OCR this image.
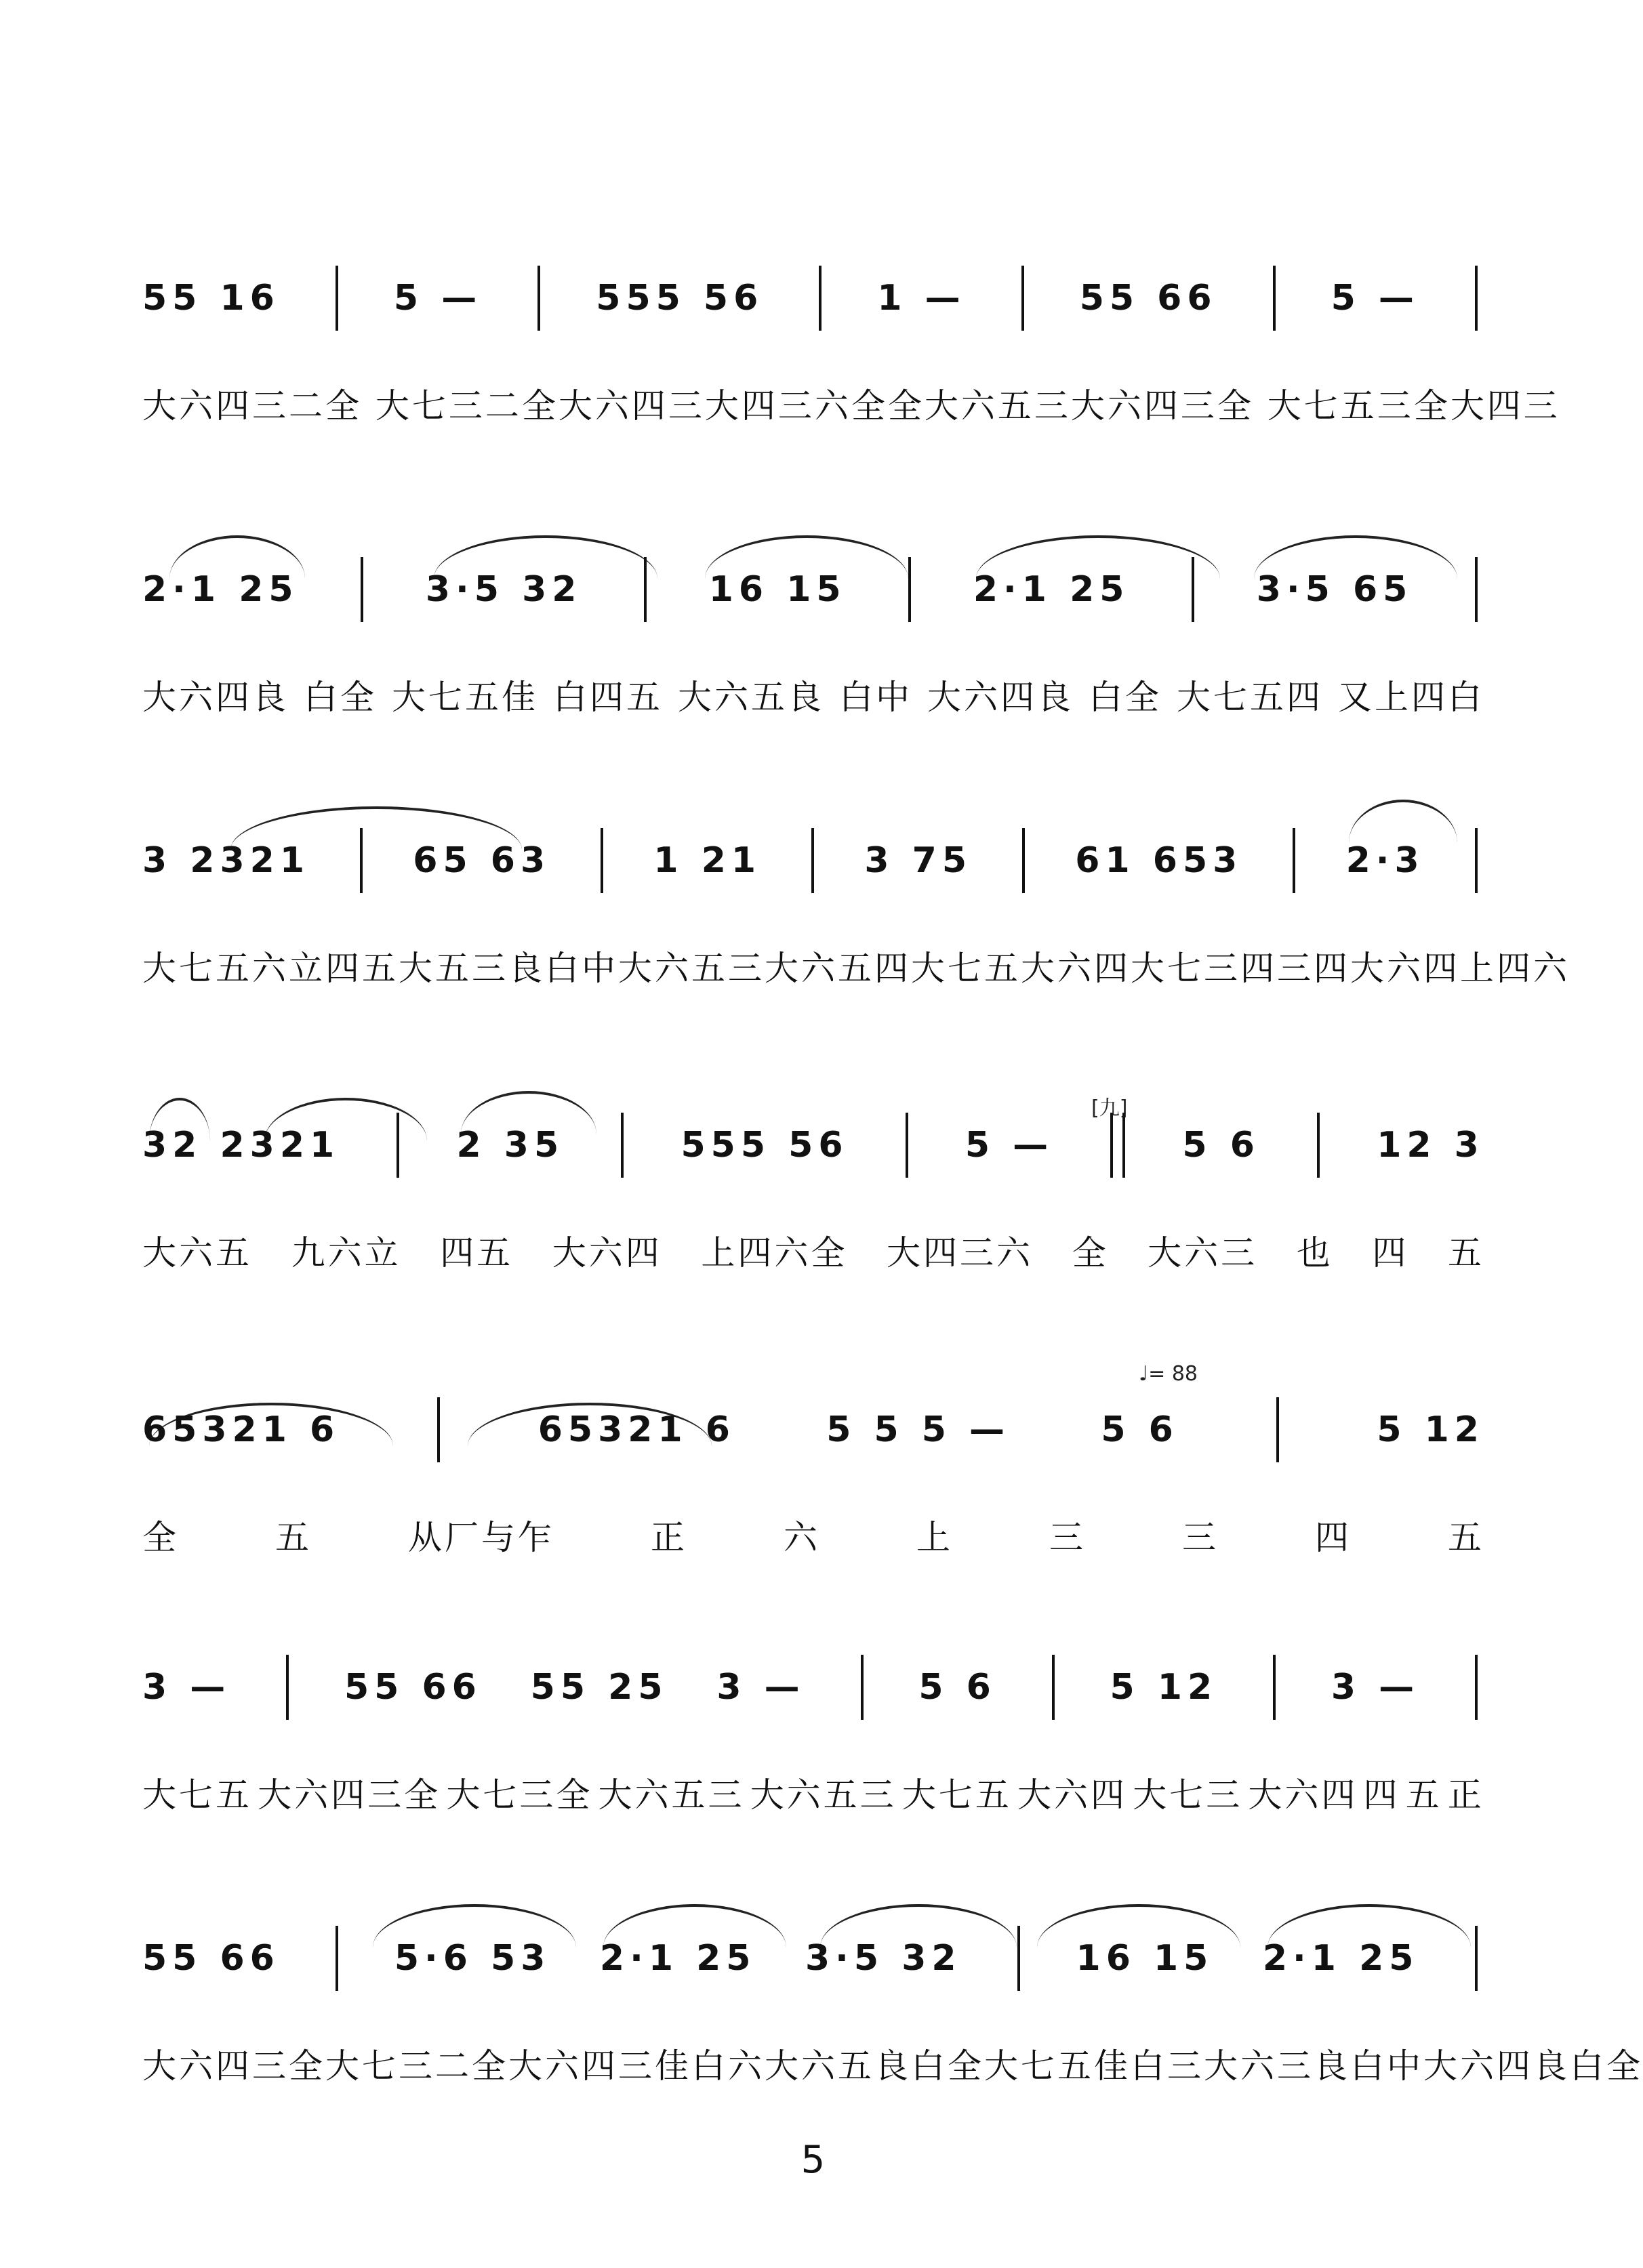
55 16	5 —	555 56	1 —	55 66	5 —
大六四三二全 大七三二全 大六四三 大四三六全 全 大六五三 大六四三全 大七五三全 大四三
2·1 25	3·5 32	16 15	2·1 25	3·5 65
大六四良 白全 大七五佳 白四五 大六五良 白中 大六四良 白全 大七五四 又上四白
3 2321	65 63	1 21	3 75	61 653	2·3
大七五 六立 四五 大五三良 白中 大六五三 大六五四 大七五 大六四 大七三 四三四 大六四 上四六
[九]
32 2321	2 35	555 56	5 —	5 6	12 3
大六五 九六立 四五 大六四 上四六全 大四三六 全 大六三 也 四 五
♩= 88
65321 6	65321 6	5 5 5 —	5 6	5 12
全	五	从厂与乍	正	六	上	三	三	四	五
3 —	55 66 55 25 3 —	5 6	5 12	3 —
大七五 大六四三全 大七三全 大六五三 大六五三 大七五 大六四 大七三 大六四 四 五 正
55 66	5·6 53 2·1 25 3·5 32	16 15 2·1 25
大六四三全 大七三二全 大六四三佳 白六 大六五良 白全 大七五佳 白三 大六三良 白中 大六四良 白全
5
